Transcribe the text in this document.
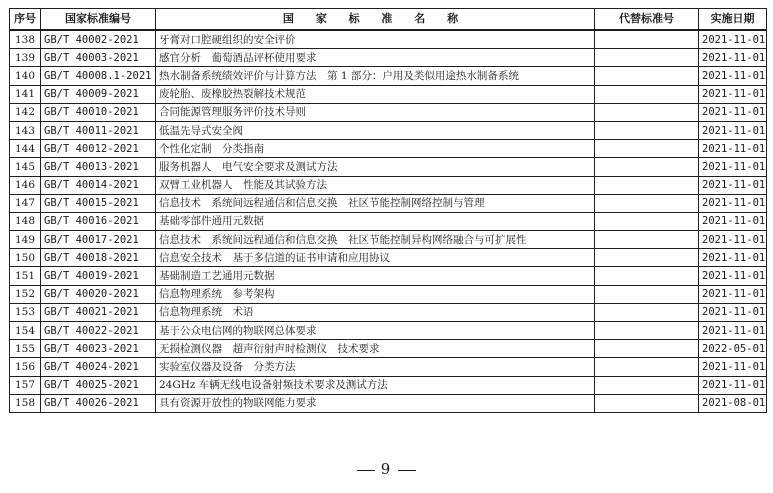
序号	国家标准编号	国 家 标 准 名 称	代替标准号	实施日期
138	GB/T 40002-2021	牙膏对口腔硬组织的安全评价		2021-11-01
139	GB/T 40003-2021	感官分析　葡萄酒品评杯使用要求		2021-11-01
140	GB/T 40008.1-2021	热水制备系统绩效评价与计算方法　第 1 部分：户用及类似用途热水制备系统		2021-11-01
141	GB/T 40009-2021	废轮胎、废橡胶热裂解技术规范		2021-11-01
142	GB/T 40010-2021	合同能源管理服务评价技术导则		2021-11-01
143	GB/T 40011-2021	低温先导式安全阀		2021-11-01
144	GB/T 40012-2021	个性化定制　分类指南		2021-11-01
145	GB/T 40013-2021	服务机器人　电气安全要求及测试方法		2021-11-01
146	GB/T 40014-2021	双臂工业机器人　性能及其试验方法		2021-11-01
147	GB/T 40015-2021	信息技术　系统间远程通信和信息交换　社区节能控制网络控制与管理		2021-11-01
148	GB/T 40016-2021	基础零部件通用元数据		2021-11-01
149	GB/T 40017-2021	信息技术　系统间远程通信和信息交换　社区节能控制异构网络融合与可扩展性		2021-11-01
150	GB/T 40018-2021	信息安全技术　基于多信道的证书申请和应用协议		2021-11-01
151	GB/T 40019-2021	基础制造工艺通用元数据		2021-11-01
152	GB/T 40020-2021	信息物理系统　参考架构		2021-11-01
153	GB/T 40021-2021	信息物理系统　术语		2021-11-01
154	GB/T 40022-2021	基于公众电信网的物联网总体要求		2021-11-01
155	GB/T 40023-2021	无损检测仪器　超声衍射声时检测仪　技术要求		2022-05-01
156	GB/T 40024-2021	实验室仪器及设备　分类方法		2021-11-01
157	GB/T 40025-2021	24GHz 车辆无线电设备射频技术要求及测试方法		2021-11-01
158	GB/T 40026-2021	具有资源开放性的物联网能力要求		2021-08-01
9
